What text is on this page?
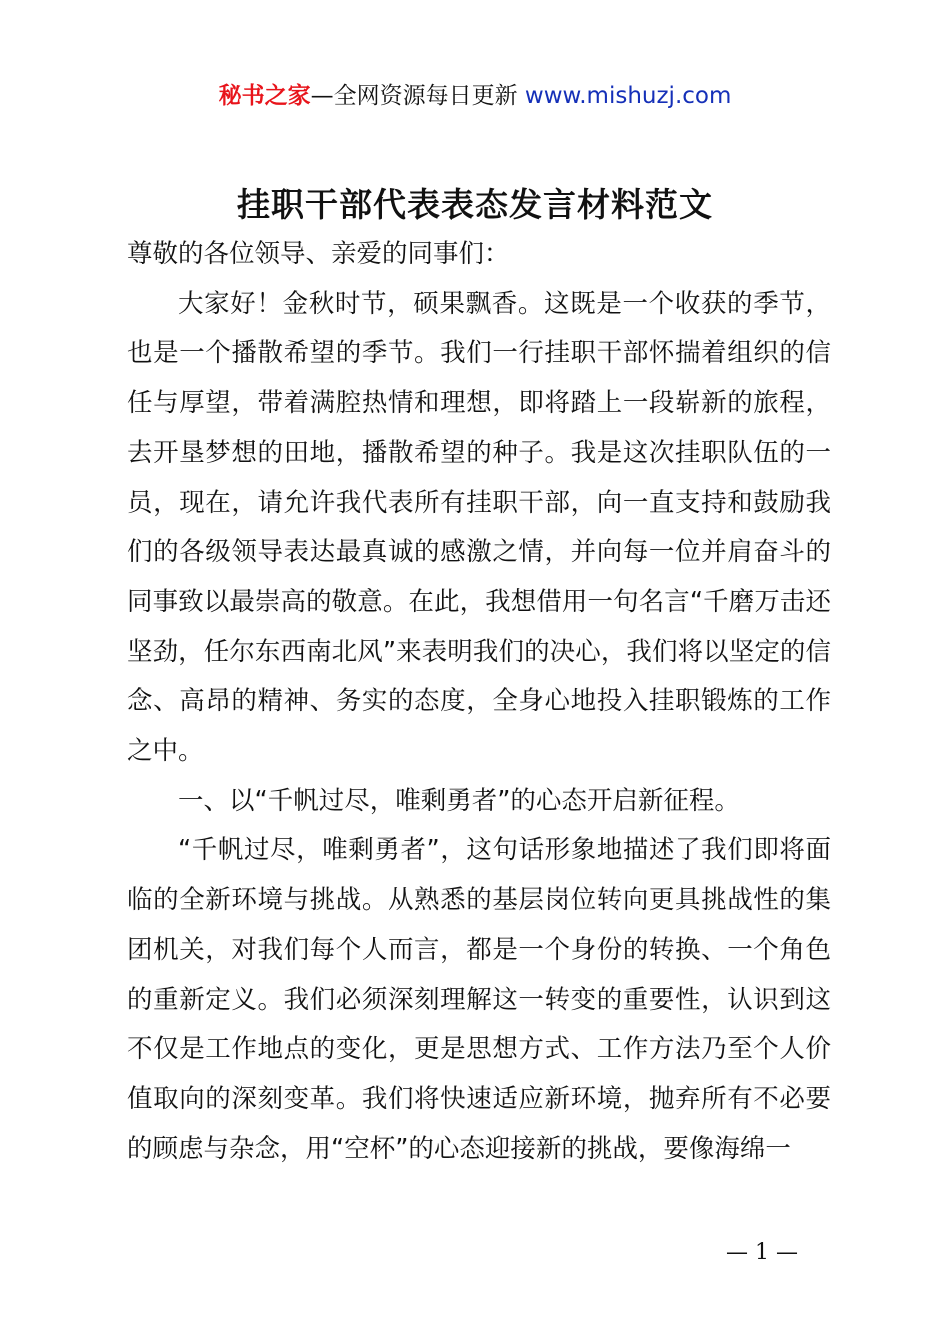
秘书之家—全网资源每日更新 www.mishuzj.com
挂职干部代表表态发言材料范文

尊敬的各位领导、亲爱的同事们：

大家好！金秋时节，硕果飘香。这既是一个收获的季节，也是一个播散希望的季节。我们一行挂职干部怀揣着组织的信任与厚望，带着满腔热情和理想，即将踏上一段崭新的旅程，去开垦梦想的田地，播散希望的种子。我是这次挂职队伍的一员，现在，请允许我代表所有挂职干部，向一直支持和鼓励我们的各级领导表达最真诚的感激之情，并向每一位并肩奋斗的同事致以最崇高的敬意。在此，我想借用一句名言“千磨万击还坚劲，任尔东西南北风”来表明我们的决心，我们将以坚定的信念、高昂的精神、务实的态度，全身心地投入挂职锻炼的工作之中。

一、以“千帆过尽，唯剩勇者”的心态开启新征程。

“千帆过尽，唯剩勇者”，这句话形象地描述了我们即将面临的全新环境与挑战。从熟悉的基层岗位转向更具挑战性的集团机关，对我们每个人而言，都是一个身份的转换、一个角色的重新定义。我们必须深刻理解这一转变的重要性，认识到这不仅是工作地点的变化，更是思想方式、工作方法乃至个人价值取向的深刻变革。我们将快速适应新环境，抛弃所有不必要的顾虑与杂念，用“空杯”的心态迎接新的挑战，要像海绵一

— 1 —
